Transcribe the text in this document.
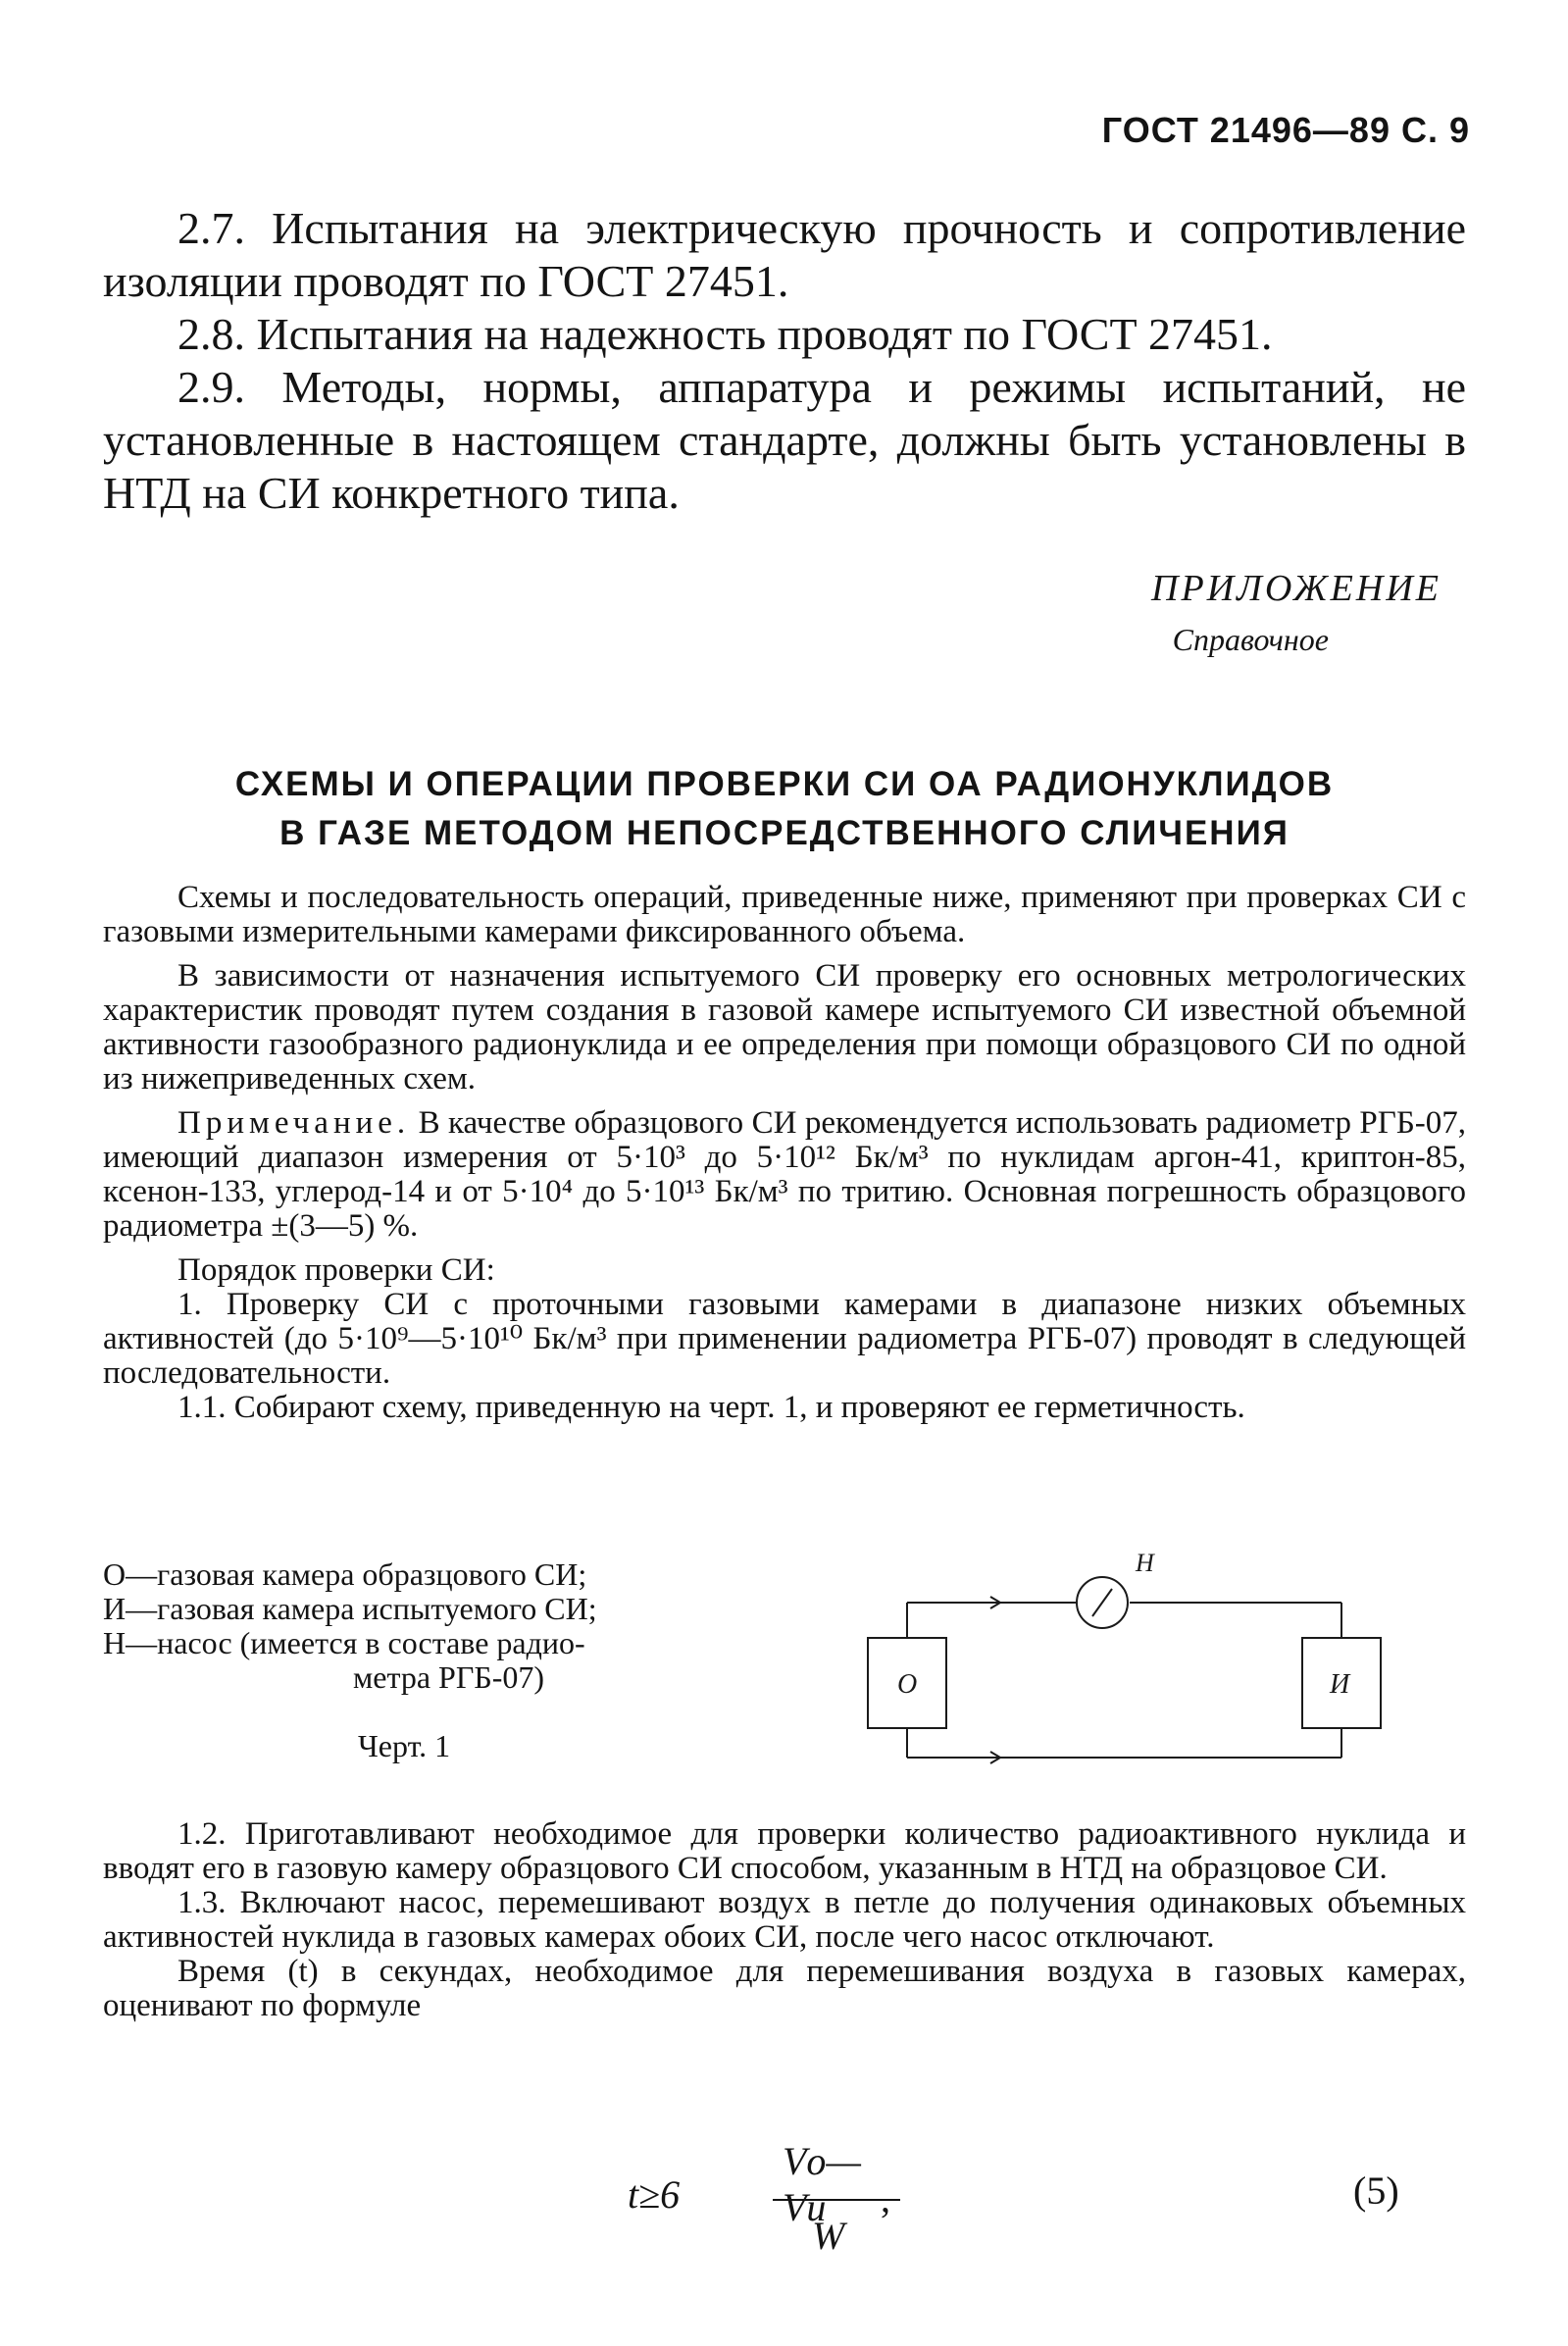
ГОСТ 21496—89 С. 9

2.7. Испытания на электрическую прочность и сопротивление изоляции проводят по ГОСТ 27451.

2.8. Испытания на надежность проводят по ГОСТ 27451.

2.9. Методы, нормы, аппаратура и режимы испытаний, не установленные в настоящем стандарте, должны быть установлены в НТД на СИ конкретного типа.

ПРИЛОЖЕНИЕ
Справочное
СХЕМЫ И ОПЕРАЦИИ ПРОВЕРКИ СИ ОА РАДИОНУКЛИДОВ
В ГАЗЕ МЕТОДОМ НЕПОСРЕДСТВЕННОГО СЛИЧЕНИЯ

Схемы и последовательность операций, приведенные ниже, применяют при проверках СИ с газовыми измерительными камерами фиксированного объема.

В зависимости от назначения испытуемого СИ проверку его основных метрологических характеристик проводят путем создания в газовой камере испытуемого СИ известной объемной активности газообразного радионуклида и ее определения при помощи образцового СИ по одной из нижеприведенных схем.

Примечание. В качестве образцового СИ рекомендуется использовать радиометр РГБ-07, имеющий диапазон измерения от 5·10³ до 5·10¹² Бк/м³ по нуклидам аргон-41, криптон-85, ксенон-133, углерод-14 и от 5·10⁴ до 5·10¹³ Бк/м³ по тритию. Основная погрешность образцового радиометра ±(3—5) %.

Порядок проверки СИ:

1. Проверку СИ с проточными газовыми камерами в диапазоне низких объемных активностей (до 5·10⁹—5·10¹⁰ Бк/м³ при применении радиометра РГБ-07) проводят в следующей последовательности.

1.1. Собирают схему, приведенную на черт. 1, и проверяют ее герметичность.

О—газовая камера образцового СИ;
И—газовая камера испытуемого СИ;
Н—насос (имеется в составе радио-
метра РГБ-07)
Черт. 1
Н
О	И

1.2. Приготавливают необходимое для проверки количество радиоактивного нуклида и вводят его в газовую камеру образцового СИ способом, указанным в НТД на образцовое СИ.

1.3. Включают насос, перемешивают воздух в петле до получения одинаковых объемных активностей нуклида в газовых камерах обоих СИ, после чего насос отключают.

Время (t) в секундах, необходимое для перемешивания воздуха в газовых камерах, оценивают по формуле

t≥6
Vо—Vи
W
,	(5)
